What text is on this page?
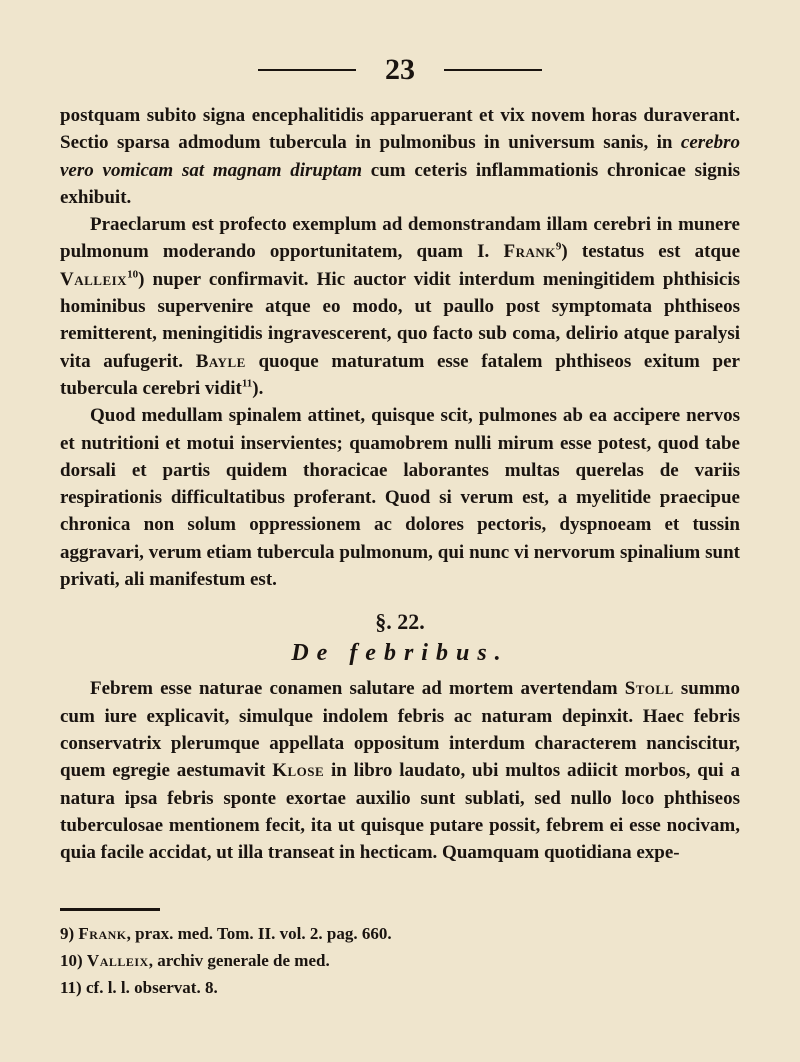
23

postquam subito signa encephalitidis apparuerant et vix novem horas duraverant. Sectio sparsa admodum tubercula in pulmonibus in universum sanis, in cerebro vero vomicam sat magnam diruptam cum ceteris inflammationis chronicae signis exhibuit.

Praeclarum est profecto exemplum ad demonstrandam illam cerebri in munere pulmonum moderando opportunitatem, quam I. Frank$^9$) testatus est atque Valleix$^{10}$) nuper confirmavit. Hic auctor vidit interdum meningitidem phthisicis hominibus supervenire atque eo modo, ut paullo post symptomata phthiseos remitterent, meningitidis ingravescerent, quo facto sub coma, delirio atque paralysi vita aufugerit. Bayle quoque maturatum esse fatalem phthiseos exitum per tubercula cerebri vidit$^{11}$).

Quod medullam spinalem attinet, quisque scit, pulmones ab ea accipere nervos et nutritioni et motui inservientes; quamobrem nulli mirum esse potest, quod tabe dorsali et partis quidem thoracicae laborantes multas querelas de variis respirationis difficultatibus proferant. Quod si verum est, a myelitide praecipue chronica non solum oppressionem ac dolores pectoris, dyspnoeam et tussin aggravari, verum etiam tubercula pulmonum, qui nunc vi nervorum spinalium sunt privati, ali manifestum est.

§. 22.
De febribus.

Febrem esse naturae conamen salutare ad mortem avertendam Stoll summo cum iure explicavit, simulque indolem febris ac naturam depinxit. Haec febris conservatrix plerumque appellata oppositum interdum characterem nanciscitur, quem egregie aestumavit Klose in libro laudato, ubi multos adiicit morbos, qui a natura ipsa febris sponte exortae auxilio sunt sublati, sed nullo loco phthiseos tuberculosae mentionem fecit, ita ut quisque putare possit, febrem ei esse nocivam, quia facile accidat, ut illa transeat in hecticam. Quamquam quotidiana expe-

9) Frank, prax. med. Tom. II. vol. 2. pag. 660.
10) Valleix, archiv generale de med.
11) cf. l. l. observat. 8.
